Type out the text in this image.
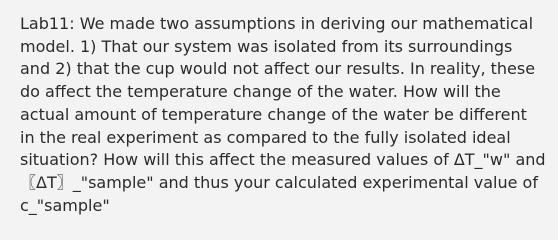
Lab11: We made two assumptions in deriving our mathematical
model. 1) That our system was isolated from its surroundings
and 2) that the cup would not affect our results. In reality, these
do affect the temperature change of the water. How will the
actual amount of temperature change of the water be different
in the real experiment as compared to the fully isolated ideal
situation? How will this affect the measured values of ΔT_"w" and
〖ΔT〗_"sample" and thus your calculated experimental value of
c_"sample"
